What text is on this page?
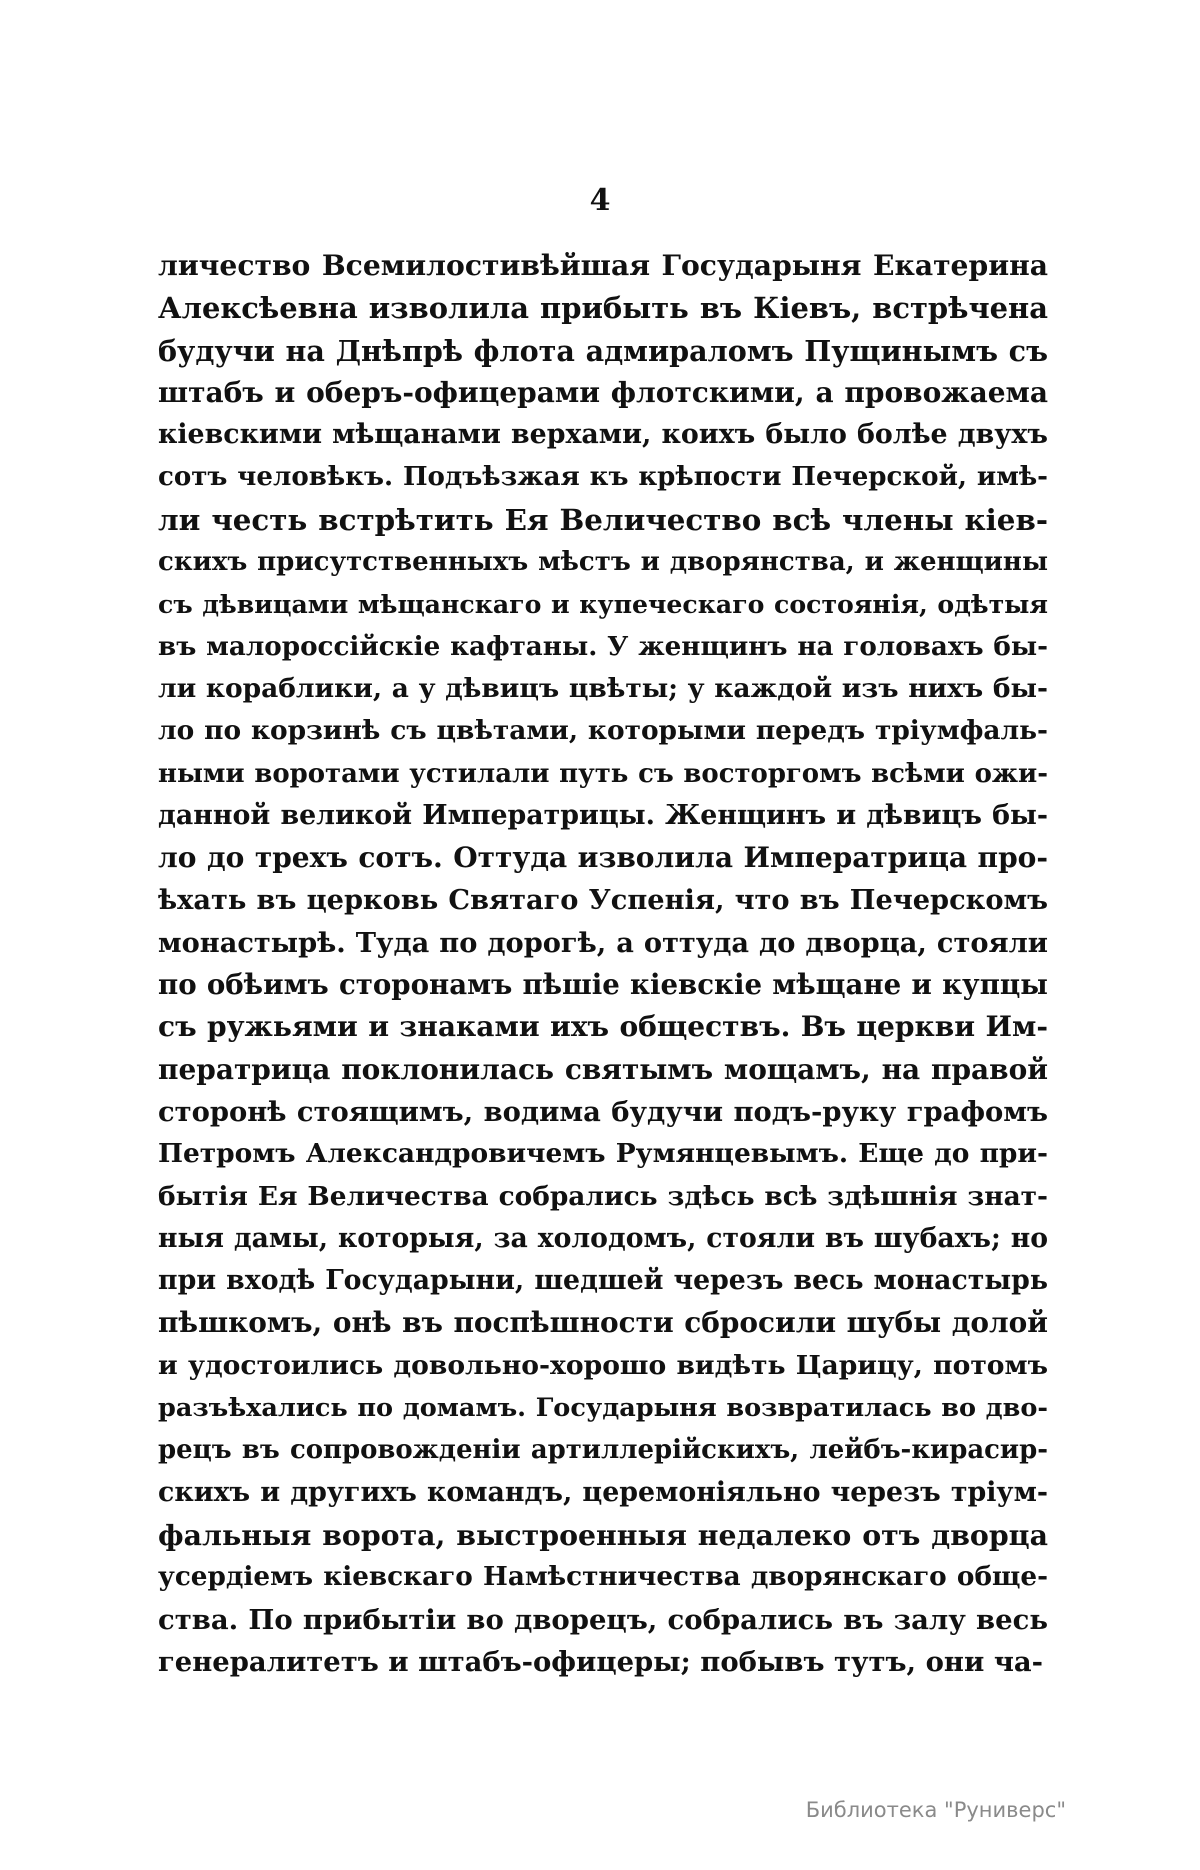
4
личество Всемилостивѣйшая Государыня Екатерина
Алексѣевна изволила прибыть въ Кіевъ, встрѣчена
будучи на Днѣпрѣ флота адмираломъ Пущинымъ съ
штабъ и оберъ-офицерами флотскими, а провожаема
кіевскими мѣщанами верхами, коихъ было болѣе двухъ
сотъ человѣкъ. Подъѣзжая къ крѣпости Печерской, имѣ-
ли честь встрѣтить Ея Величество всѣ члены кіев-
скихъ присутственныхъ мѣстъ и дворянства, и женщины
съ дѣвицами мѣщанскаго и купеческаго состоянія, одѣтыя
въ малороссійскіе кафтаны. У женщинъ на головахъ бы-
ли кораблики, а у дѣвицъ цвѣты; у каждой изъ нихъ бы-
ло по корзинѣ съ цвѣтами, которыми передъ тріумфаль-
ными воротами устилали путь съ восторгомъ всѣми ожи-
данной великой Императрицы. Женщинъ и дѣвицъ бы-
ло до трехъ сотъ. Оттуда изволила Императрица про-
ѣхать въ церковь Святаго Успенія, что въ Печерскомъ
монастырѣ. Туда по дорогѣ, а оттуда до дворца, стояли
по обѣимъ сторонамъ пѣшіе кіевскіе мѣщане и купцы
съ ружьями и знаками ихъ обществъ. Въ церкви Им-
ператрица поклонилась святымъ мощамъ, на правой
сторонѣ стоящимъ, водима будучи подъ-руку графомъ
Петромъ Александровичемъ Румянцевымъ. Еще до при-
бытія Ея Величества собрались здѣсь всѣ здѣшнія знат-
ныя дамы, которыя, за холодомъ, стояли въ шубахъ; но
при входѣ Государыни, шедшей черезъ весь монастырь
пѣшкомъ, онѣ въ поспѣшности сбросили шубы долой
и удостоились довольно-хорошо видѣть Царицу, потомъ
разъѣхались по домамъ. Государыня возвратилась во дво-
рецъ въ сопровожденіи артиллерійскихъ, лейбъ-кирасир-
скихъ и другихъ командъ, церемоніяльно черезъ тріум-
фальныя ворота, выстроенныя недалеко отъ дворца
усердіемъ кіевскаго Намѣстничества дворянскаго обще-
ства. По прибытіи во дворецъ, собрались въ залу весь
генералитетъ и штабъ-офицеры; побывъ тутъ, они ча-
Библиотека "Руниверс"
